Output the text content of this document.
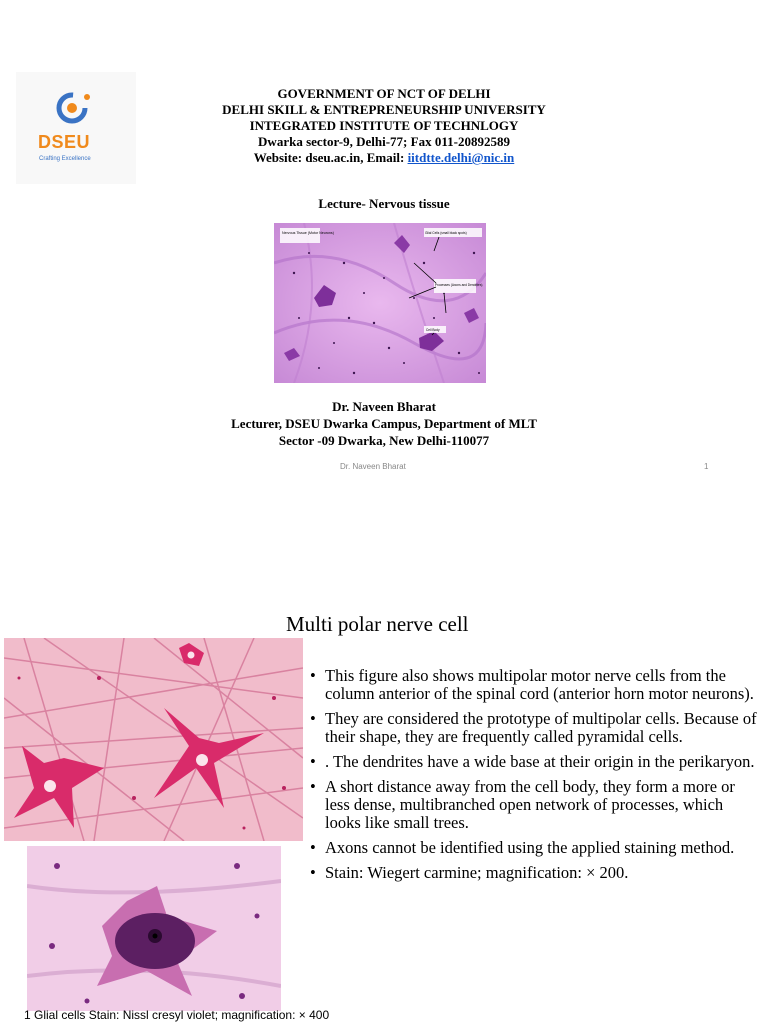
DSEU
Crafting Excellence
GOVERNMENT OF NCT OF DELHI
DELHI SKILL & ENTREPRENEURSHIP UNIVERSITY
INTEGRATED INSTITUTE OF TECHNLOGY
Dwarka sector-9, Delhi-77; Fax 011-20892589
Website: dseu.ac.in, Email: iitdtte.delhi@nic.in
Lecture- Nervous tissue
Nervous Tissue (Motor Neurons)	Glial Cells (small black spots)
Processes (Axons and Dendrites)
Cell Body
Dr. Naveen Bharat
Lecturer, DSEU Dwarka Campus, Department of MLT
Sector -09 Dwarka, New Delhi-110077
Dr. Naveen Bharat	1
Multi polar nerve cell
• This figure also shows multipolar motor nerve cells from the column anterior of the spinal cord (anterior horn motor neurons).
• They are considered the prototype of multipolar cells. Because of their shape, they are frequently called pyramidal cells.
• . The dendrites have a wide base at their origin in the perikaryon.
• A short distance away from the cell body, they form a more or less dense, multibranched open network of processes, which looks like small trees.
• Axons cannot be identified using the applied staining method.
• Stain: Wiegert carmine; magnification: × 200.
1 Glial cells Stain: Nissl cresyl violet; magnification: × 400
